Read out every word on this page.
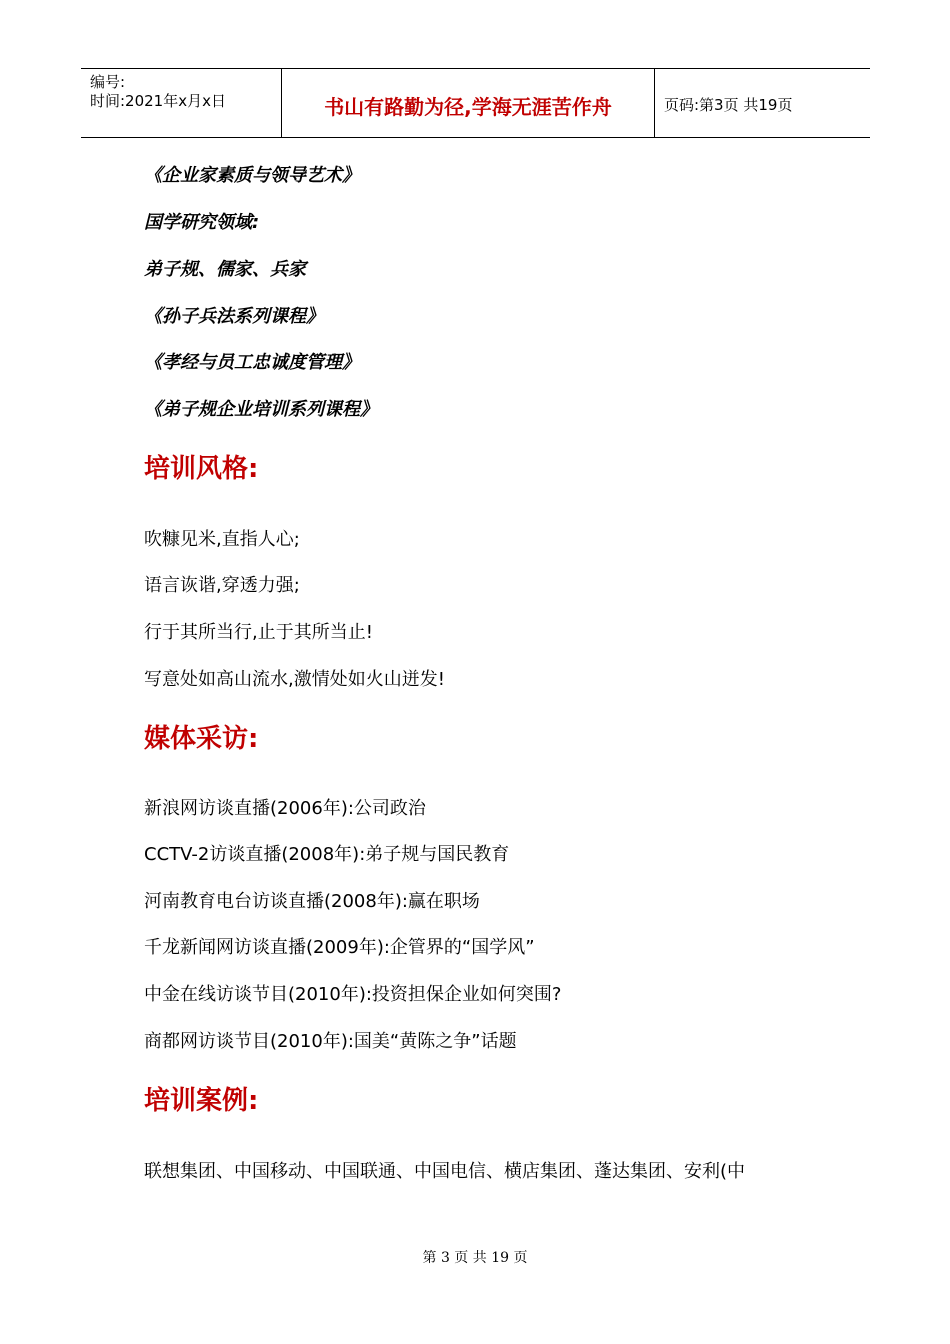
编号:
时间:2021年x月x日	书山有路勤为径,学海无涯苦作舟	页码:第3页 共19页
《企业家素质与领导艺术》
国学研究领域:
弟子规、儒家、兵家
《孙子兵法系列课程》
《孝经与员工忠诚度管理》
《弟子规企业培训系列课程》
培训风格:
吹糠见米,直指人心;
语言诙谐,穿透力强;
行于其所当行,止于其所当止!
写意处如高山流水,激情处如火山迸发!
媒体采访:
新浪网访谈直播(2006年):公司政治
CCTV-2访谈直播(2008年):弟子规与国民教育
河南教育电台访谈直播(2008年):赢在职场
千龙新闻网访谈直播(2009年):企管界的“国学风”
中金在线访谈节目(2010年):投资担保企业如何突围?
商都网访谈节目(2010年):国美“黄陈之争”话题
培训案例:
联想集团、中国移动、中国联通、中国电信、横店集团、蓬达集团、安利(中
第 3 页 共 19 页
